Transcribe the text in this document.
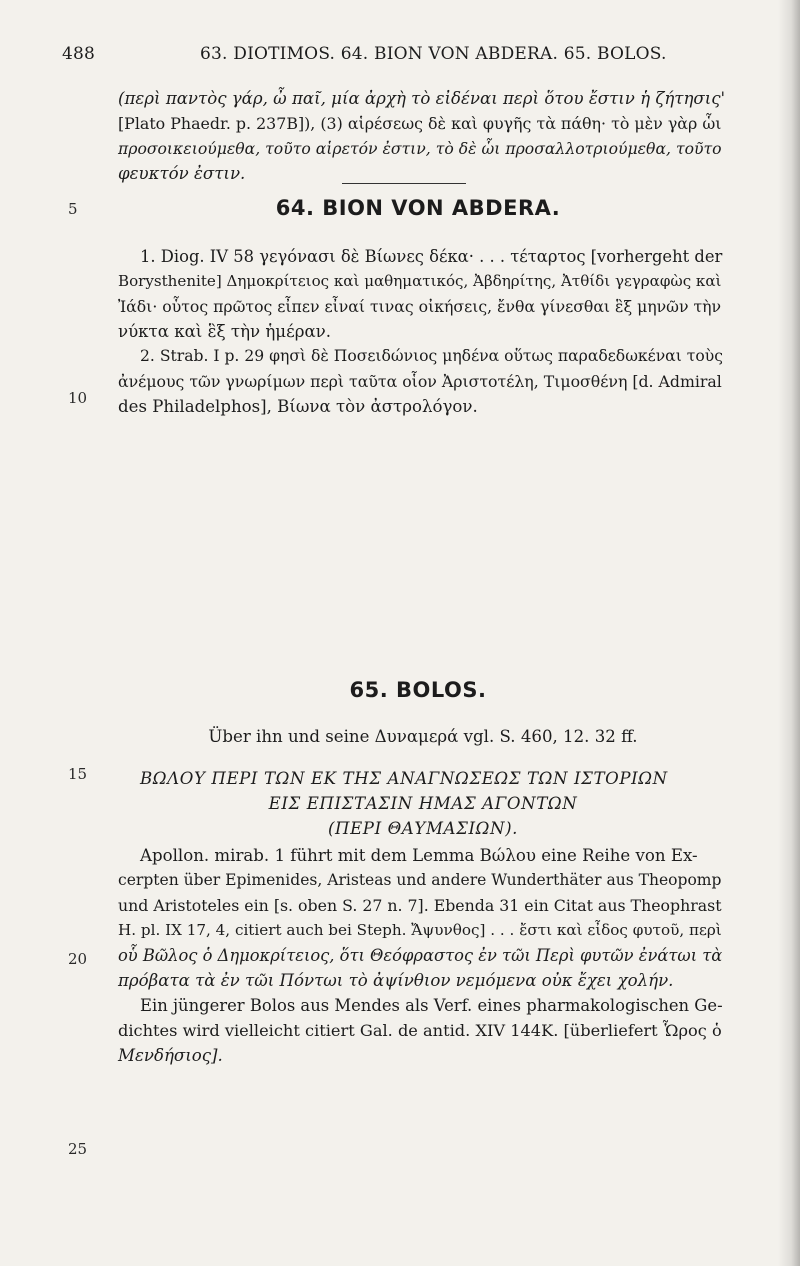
488	63. DIOTIMOS. 64. BION VON ABDERA. 65. BOLOS.
5
10
15
20
25
(περὶ παντὸς γάρ, ὦ παῖ, μία ἀρχὴ τὸ εἰδέναι περὶ ὅτου ἔστιν ἡ ζήτησις'
[Plato Phaedr. p. 237B]), (3) αἱρέσεως δὲ καὶ φυγῆς τὰ πάθη· τὸ μὲν γὰρ ὧι
προσοικειούμεθα, τοῦτο αἱρετόν ἐστιν, τὸ δὲ ὧι προσαλλοτριούμεθα, τοῦτο
φευκτόν ἐστιν.
64. BION VON ABDERA.
1. Diog. IV 58 γεγόνασι δὲ Βίωνες δέκα· . . . τέταρτος [vorhergeht der
Borysthenite] Δημοκρίτειος καὶ μαθηματικός, Ἀβδηρίτης, Ἀτθίδι γεγραφὼς καὶ
Ἰάδι· οὗτος πρῶτος εἶπεν εἶναί τινας οἰκήσεις, ἔνθα γίνεσθαι ἓξ μηνῶν τὴν
νύκτα καὶ ἓξ τὴν ἡμέραν.
2. Strab. I p. 29 φησὶ δὲ Ποσειδώνιος μηδένα οὕτως παραδεδωκέναι τοὺς
ἀνέμους τῶν γνωρίμων περὶ ταῦτα οἷον Ἀριστοτέλη, Τιμοσθένη [d. Admiral
des Philadelphos], Βίωνα τὸν ἀστρολόγον.
65. BOLOS.
Über ihn und seine Δυναμερά vgl. S. 460, 12. 32 ff.
ΒΩΛΟΥ ΠΕΡΙ ΤΩΝ ΕΚ ΤΗΣ ΑΝΑΓΝΩΣΕΩΣ ΤΩΝ ΙΣΤΟΡΙΩΝ
ΕΙΣ ΕΠΙΣΤΑΣΙΝ ΗΜΑΣ ΑΓΟΝΤΩΝ
(ΠΕΡΙ ΘΑΥΜΑΣΙΩΝ).
Apollon. mirab. 1 führt mit dem Lemma Βώλου eine Reihe von Ex-
cerpten über Epimenides, Aristeas und andere Wunderthäter aus Theopomp
und Aristoteles ein [s. oben S. 27 n. 7]. Ebenda 31 ein Citat aus Theophrast
H. pl. IX 17, 4, citiert auch bei Steph. Ἄψυνθος] . . . ἔστι καὶ εἶδος φυτοῦ, περὶ
οὗ Βῶλος ὁ Δημοκρίτειος, ὅτι Θεόφραστος ἐν τῶι Περὶ φυτῶν ἐνάτωι τὰ
πρόβατα τὰ ἐν τῶι Πόντωι τὸ ἀψίνθιον νεμόμενα οὐκ ἔχει χολήν.
Ein jüngerer Bolos aus Mendes als Verf. eines pharmakologischen Ge-
dichtes wird vielleicht citiert Gal. de antid. XIV 144K. [überliefert Ὧρος ὁ
Μενδήσιος].
